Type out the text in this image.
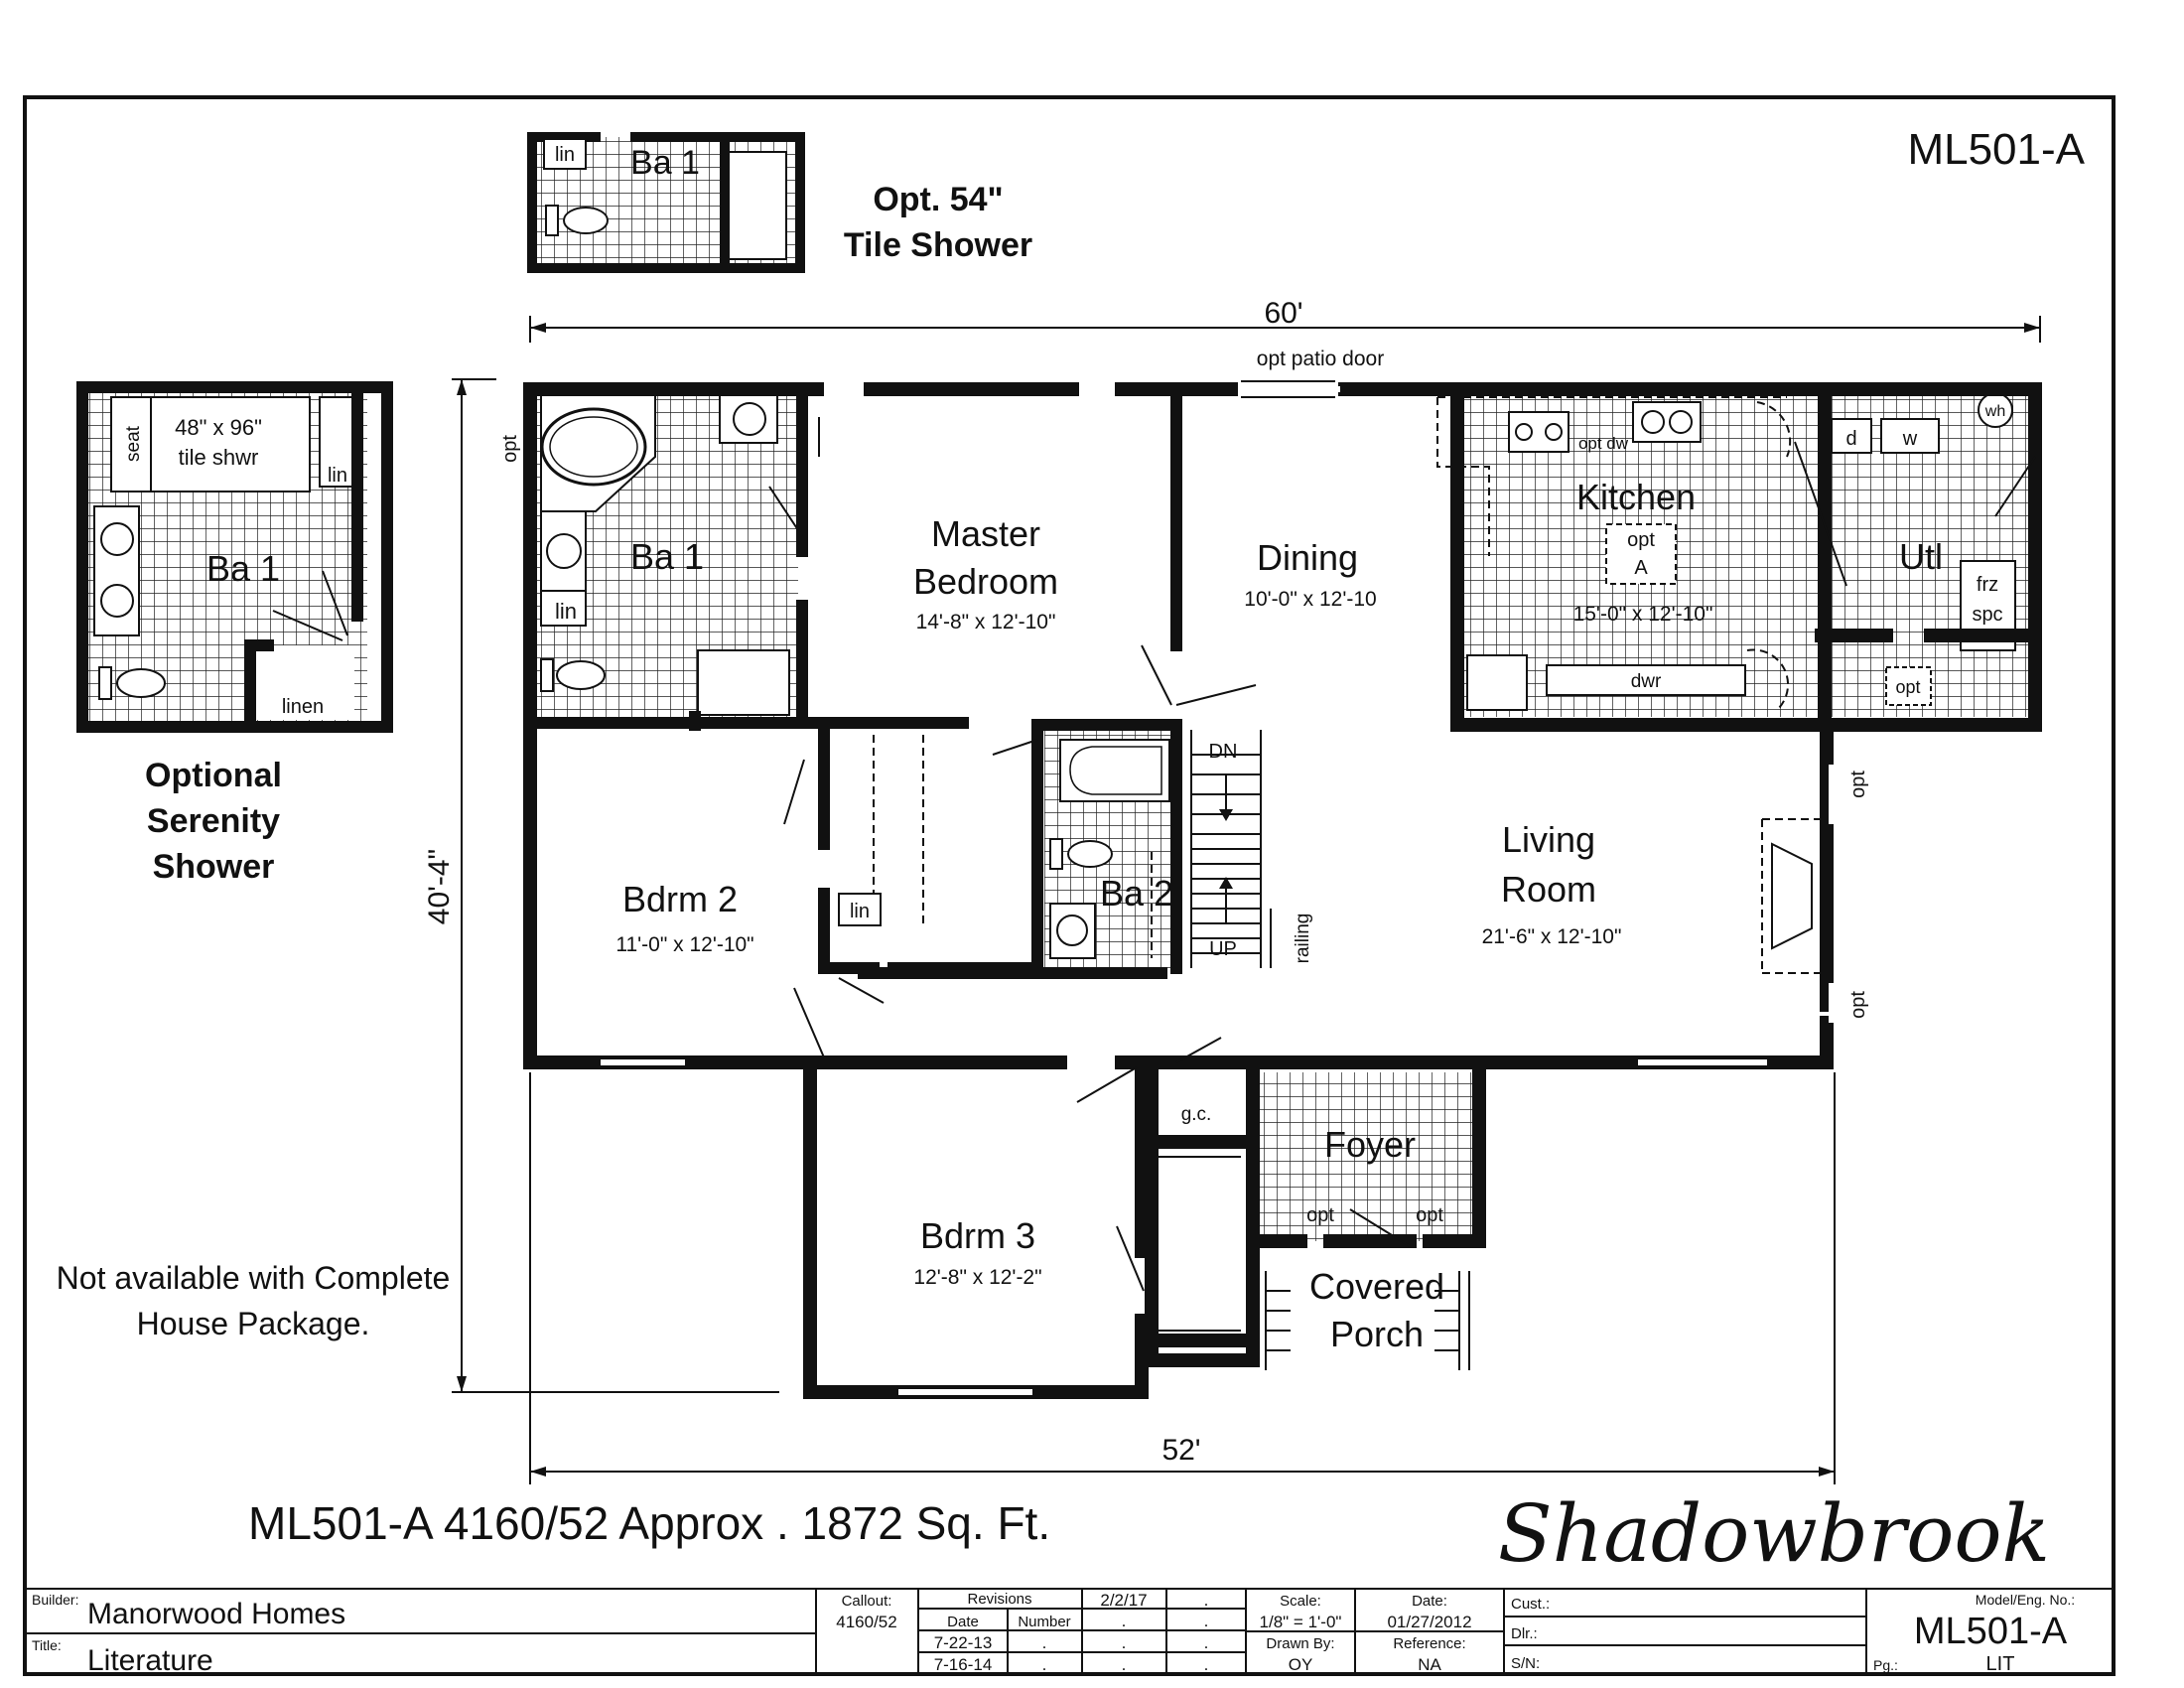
ML501-A
lin Ba 1
Opt. 54"
Tile Shower
seat 48" x 96"
tile shwr
lin
linen
Ba 1
Optional
Serenity
Shower
Not available with Complete
House Package.
60'
40'-4"
52'
lin
opt dw
opt
A
dwr
d w
wh
frz
spc
opt
DN
UP	railing
lin
g.c.
Ba 1
Master
Bedroom
14'-8" x 12'-10"
Dining
10'-0" x 12'-10
Kitchen
15'-0" x 12'-10"
Utl
Bdrm 2
11'-0" x 12'-10"
Ba 2
Living
Room
21'-6" x 12'-10"
Bdrm 3
12'-8" x 12'-2"
Foyer
Covered
Porch
opt patio door
opt
opt
opt
opt	opt
ML501-A 4160/52 Approx . 1872 Sq. Ft.	Shadowbrook
Builder: Manorwood Homes
Title: Literature
Callout:
4160/52
Revisions	2/2/17	.
Date	Number	.	.
7-22-13	.	.	.
7-16-14	.	.	.
Scale:
1/8" = 1'-0"
Drawn By:
OY
Date:
01/27/2012
Reference:
NA
Cust.:
Dlr.:
S/N:
Model/Eng. No.:
ML501-A
Pg.:	LIT
